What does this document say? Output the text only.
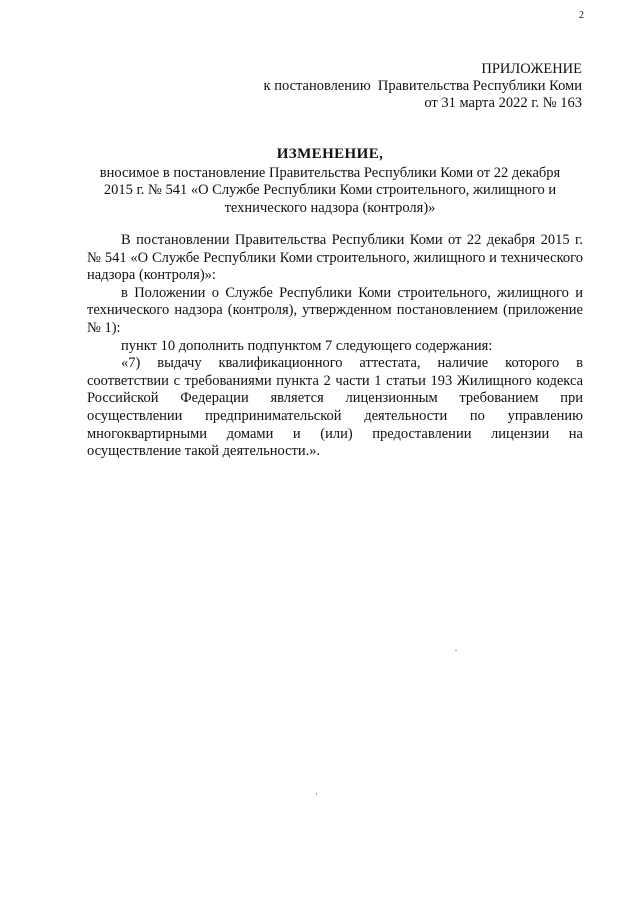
2
ПРИЛОЖЕНИЕ
к постановлению  Правительства Республики Коми
от 31 марта 2022 г. № 163
ИЗМЕНЕНИЕ,
вносимое в постановление Правительства Республики Коми от 22 декабря 2015 г. № 541 «О Службе Республики Коми строительного, жилищного и технического надзора (контроля)»

В постановлении Правительства Республики Коми от 22 декабря 2015 г. № 541 «О Службе Республики Коми строительного, жилищного и технического надзора (контроля)»:

в Положении о Службе Республики Коми строительного, жилищного и технического надзора (контроля), утвержденном постановлением (приложение № 1):

пункт 10 дополнить подпунктом 7 следующего содержания:

«7) выдачу квалификационного аттестата, наличие которого в соответствии с требованиями пункта 2 части 1 статьи 193 Жилищного кодекса Российской Федерации является лицензионным требованием при осуществлении предпринимательской деятельности по управлению многоквартирными домами и (или) предоставлении лицензии на осуществление такой деятельности.».
